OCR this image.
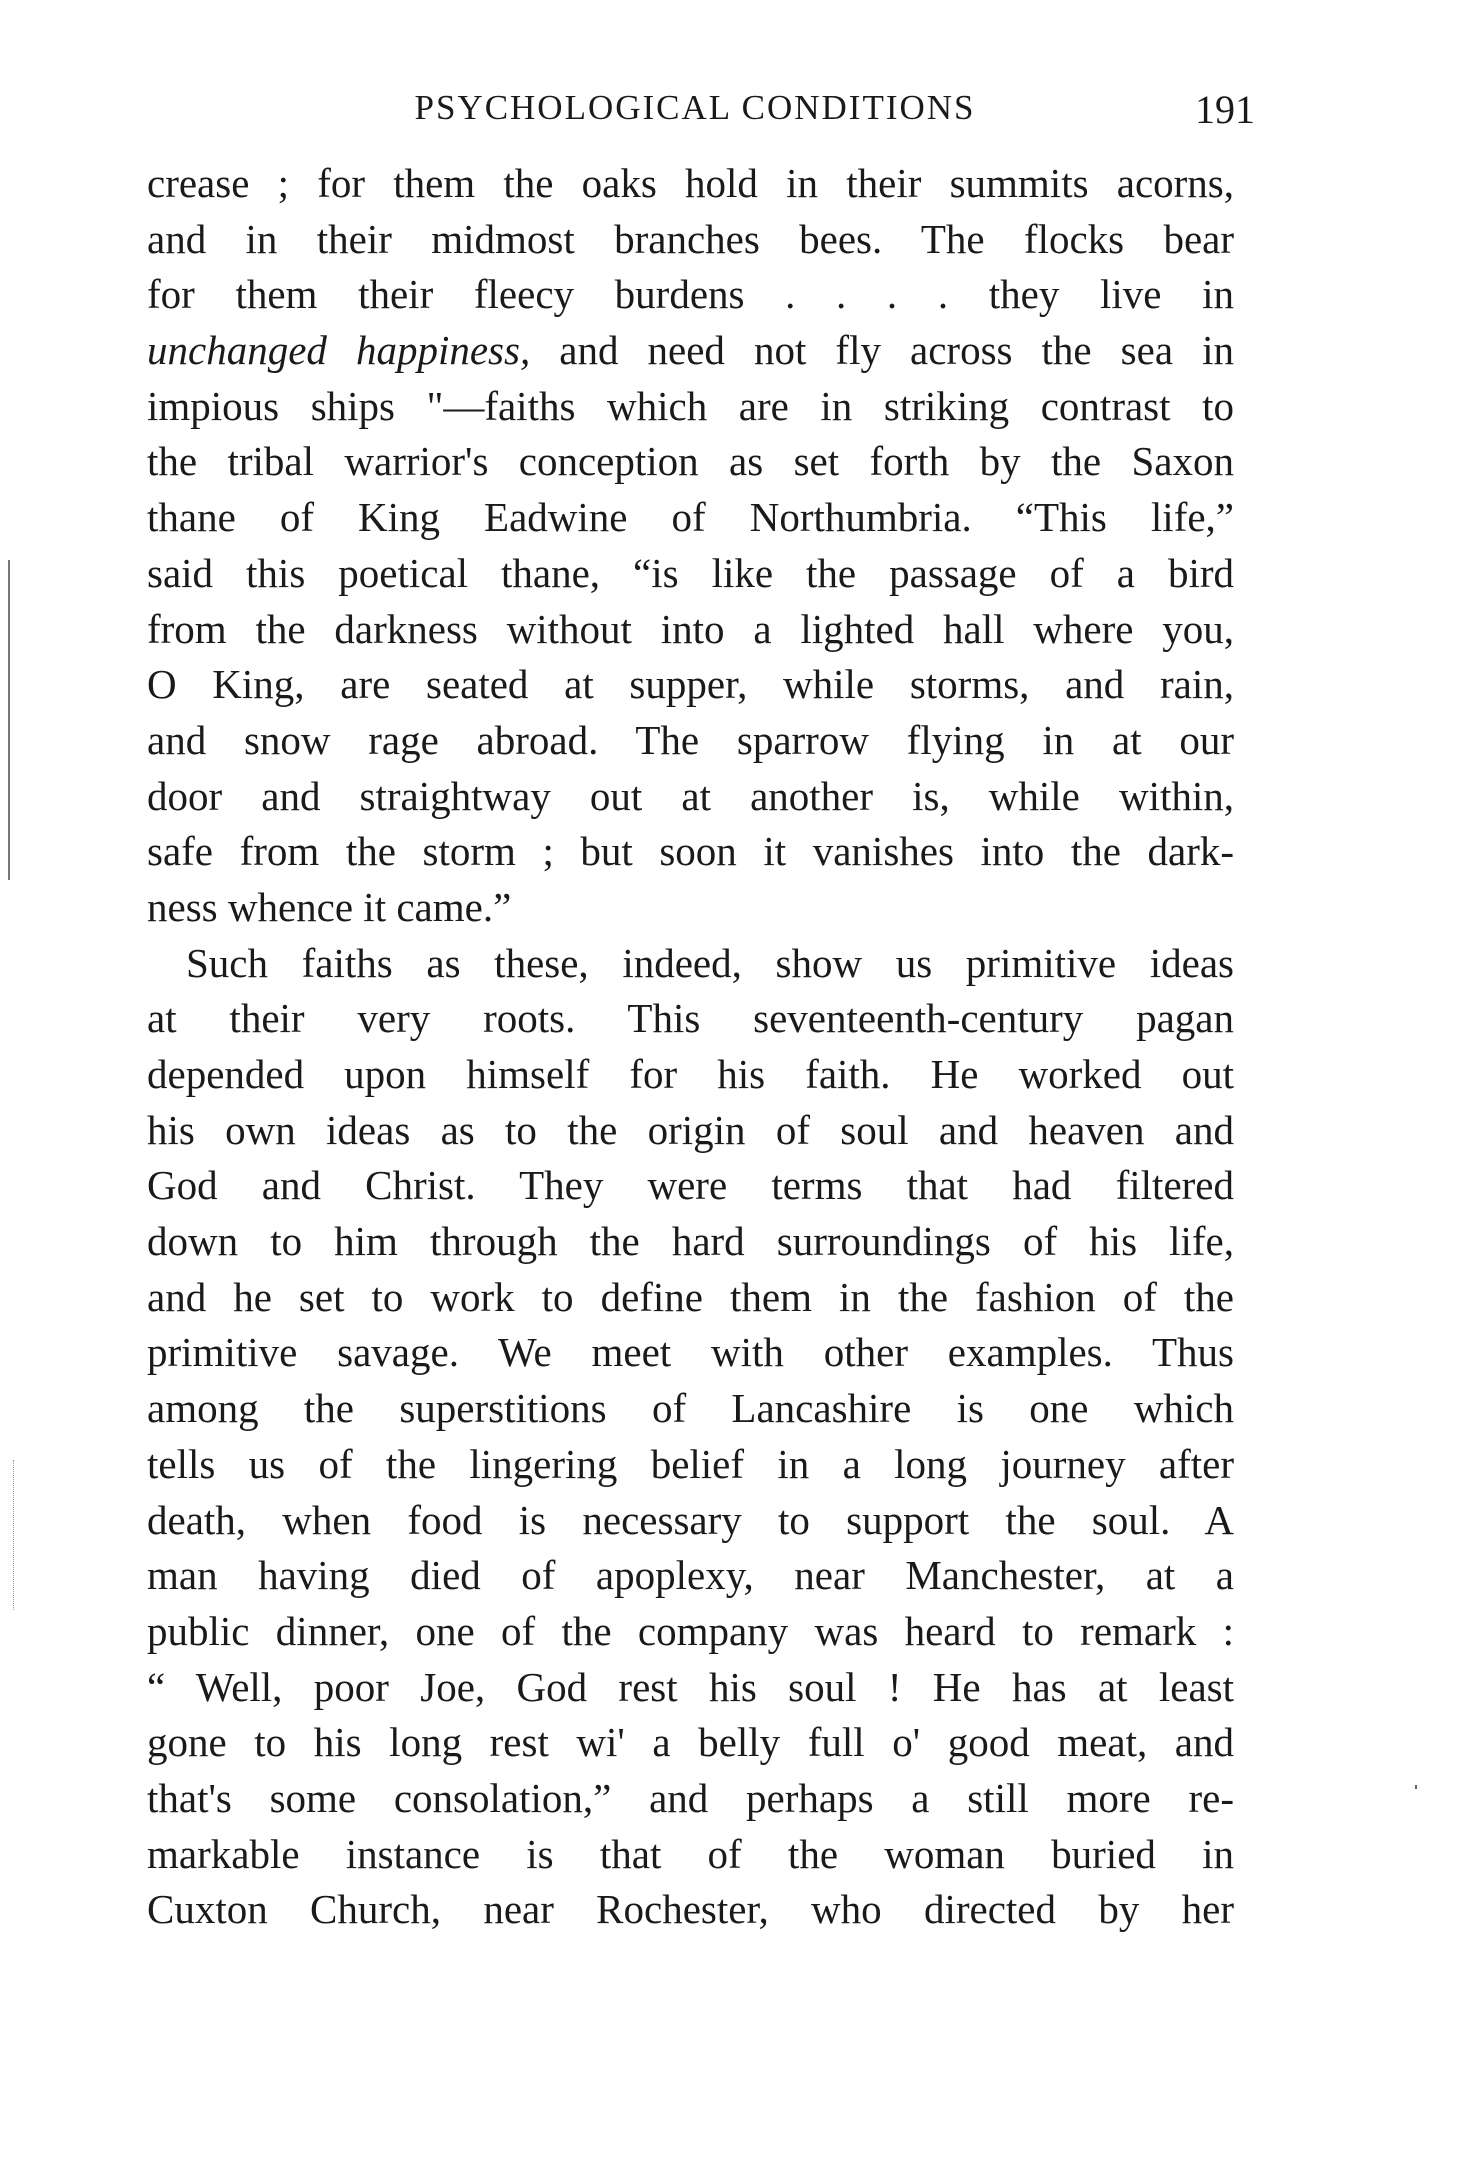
PSYCHOLOGICAL CONDITIONS	191
crease ; for them the oaks hold in their summits acorns,
and in their midmost branches bees. The flocks bear
for them their fleecy burdens . . . . they live in
unchanged happiness, and need not fly across the sea in
impious ships "—faiths which are in striking contrast to
the tribal warrior's conception as set forth by the Saxon
thane of King Eadwine of Northumbria. “This life,”
said this poetical thane, “is like the passage of a bird
from the darkness without into a lighted hall where you,
O King, are seated at supper, while storms, and rain,
and snow rage abroad. The sparrow flying in at our
door and straightway out at another is, while within,
safe from the storm ; but soon it vanishes into the dark-
ness whence it came.”
Such faiths as these, indeed, show us primitive ideas
at their very roots. This seventeenth-century pagan
depended upon himself for his faith. He worked out
his own ideas as to the origin of soul and heaven and
God and Christ. They were terms that had filtered
down to him through the hard surroundings of his life,
and he set to work to define them in the fashion of the
primitive savage. We meet with other examples. Thus
among the superstitions of Lancashire is one which
tells us of the lingering belief in a long journey after
death, when food is necessary to support the soul. A
man having died of apoplexy, near Manchester, at a
public dinner, one of the company was heard to remark :
“ Well, poor Joe, God rest his soul ! He has at least
gone to his long rest wi' a belly full o' good meat, and
that's some consolation,” and perhaps a still more re-
markable instance is that of the woman buried in
Cuxton Church, near Rochester, who directed by her
